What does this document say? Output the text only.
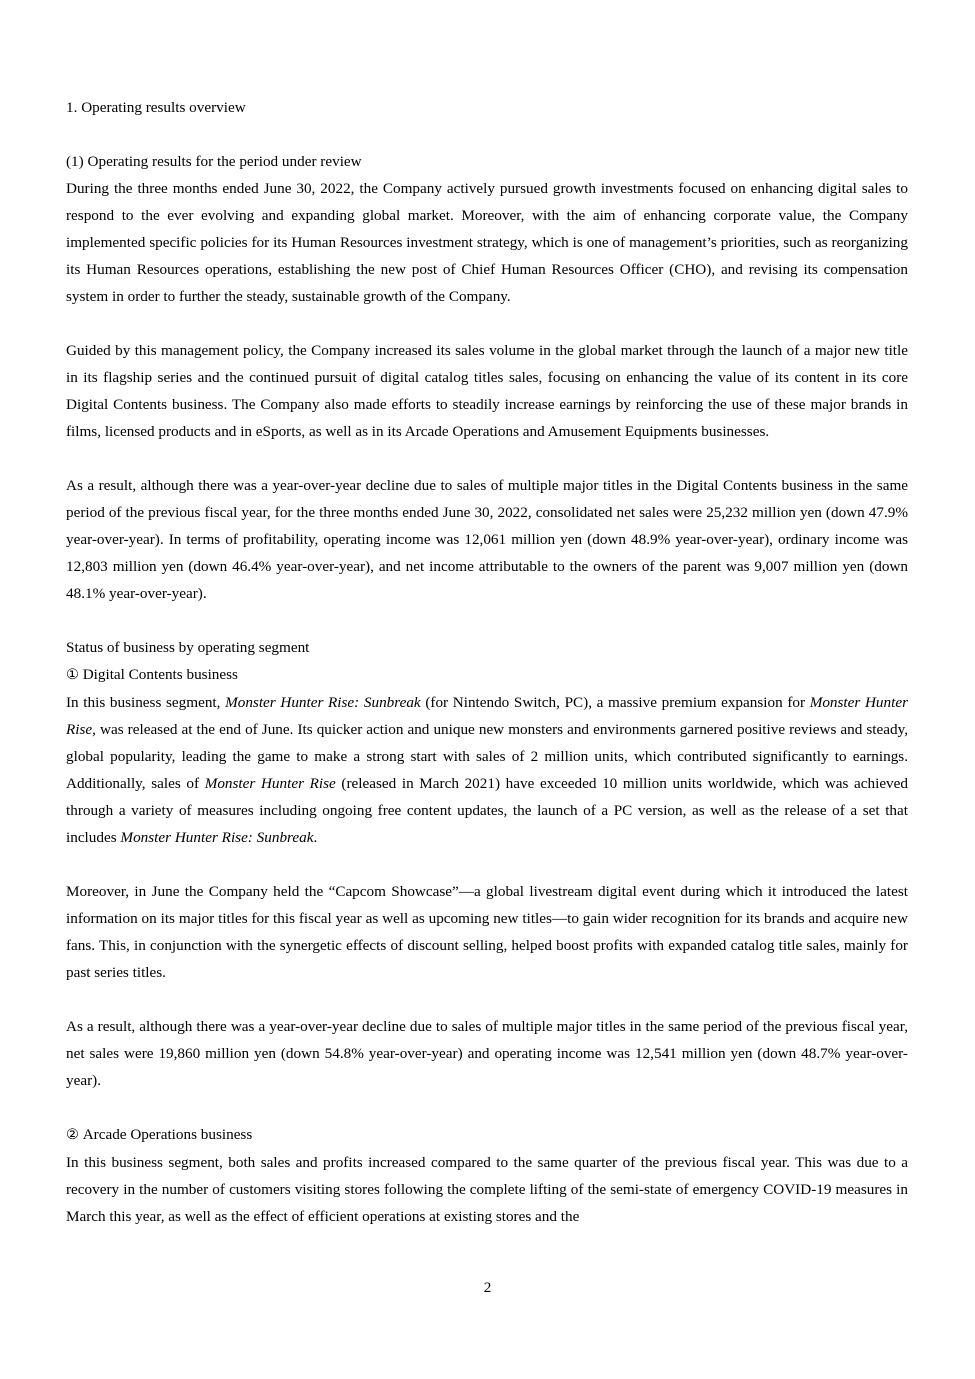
1. Operating results overview
(1) Operating results for the period under review

During the three months ended June 30, 2022, the Company actively pursued growth investments focused on enhancing digital sales to respond to the ever evolving and expanding global market. Moreover, with the aim of enhancing corporate value, the Company implemented specific policies for its Human Resources investment strategy, which is one of management’s priorities, such as reorganizing its Human Resources operations, establishing the new post of Chief Human Resources Officer (CHO), and revising its compensation system in order to further the steady, sustainable growth of the Company.

Guided by this management policy, the Company increased its sales volume in the global market through the launch of a major new title in its flagship series and the continued pursuit of digital catalog titles sales, focusing on enhancing the value of its content in its core Digital Contents business. The Company also made efforts to steadily increase earnings by reinforcing the use of these major brands in films, licensed products and in eSports, as well as in its Arcade Operations and Amusement Equipments businesses.

As a result, although there was a year-over-year decline due to sales of multiple major titles in the Digital Contents business in the same period of the previous fiscal year, for the three months ended June 30, 2022, consolidated net sales were 25,232 million yen (down 47.9% year-over-year). In terms of profitability, operating income was 12,061 million yen (down 48.9% year-over-year), ordinary income was 12,803 million yen (down 46.4% year-over-year), and net income attributable to the owners of the parent was 9,007 million yen (down 48.1% year-over-year).

Status of business by operating segment
① Digital Contents business

In this business segment, Monster Hunter Rise: Sunbreak (for Nintendo Switch, PC), a massive premium expansion for Monster Hunter Rise, was released at the end of June. Its quicker action and unique new monsters and environments garnered positive reviews and steady, global popularity, leading the game to make a strong start with sales of 2 million units, which contributed significantly to earnings. Additionally, sales of Monster Hunter Rise (released in March 2021) have exceeded 10 million units worldwide, which was achieved through a variety of measures including ongoing free content updates, the launch of a PC version, as well as the release of a set that includes Monster Hunter Rise: Sunbreak.

Moreover, in June the Company held the “Capcom Showcase”—a global livestream digital event during which it introduced the latest information on its major titles for this fiscal year as well as upcoming new titles—to gain wider recognition for its brands and acquire new fans. This, in conjunction with the synergetic effects of discount selling, helped boost profits with expanded catalog title sales, mainly for past series titles.

As a result, although there was a year-over-year decline due to sales of multiple major titles in the same period of the previous fiscal year, net sales were 19,860 million yen (down 54.8% year-over-year) and operating income was 12,541 million yen (down 48.7% year-over-year).

② Arcade Operations business

In this business segment, both sales and profits increased compared to the same quarter of the previous fiscal year. This was due to a recovery in the number of customers visiting stores following the complete lifting of the semi-state of emergency COVID-19 measures in March this year, as well as the effect of efficient operations at existing stores and the

2
